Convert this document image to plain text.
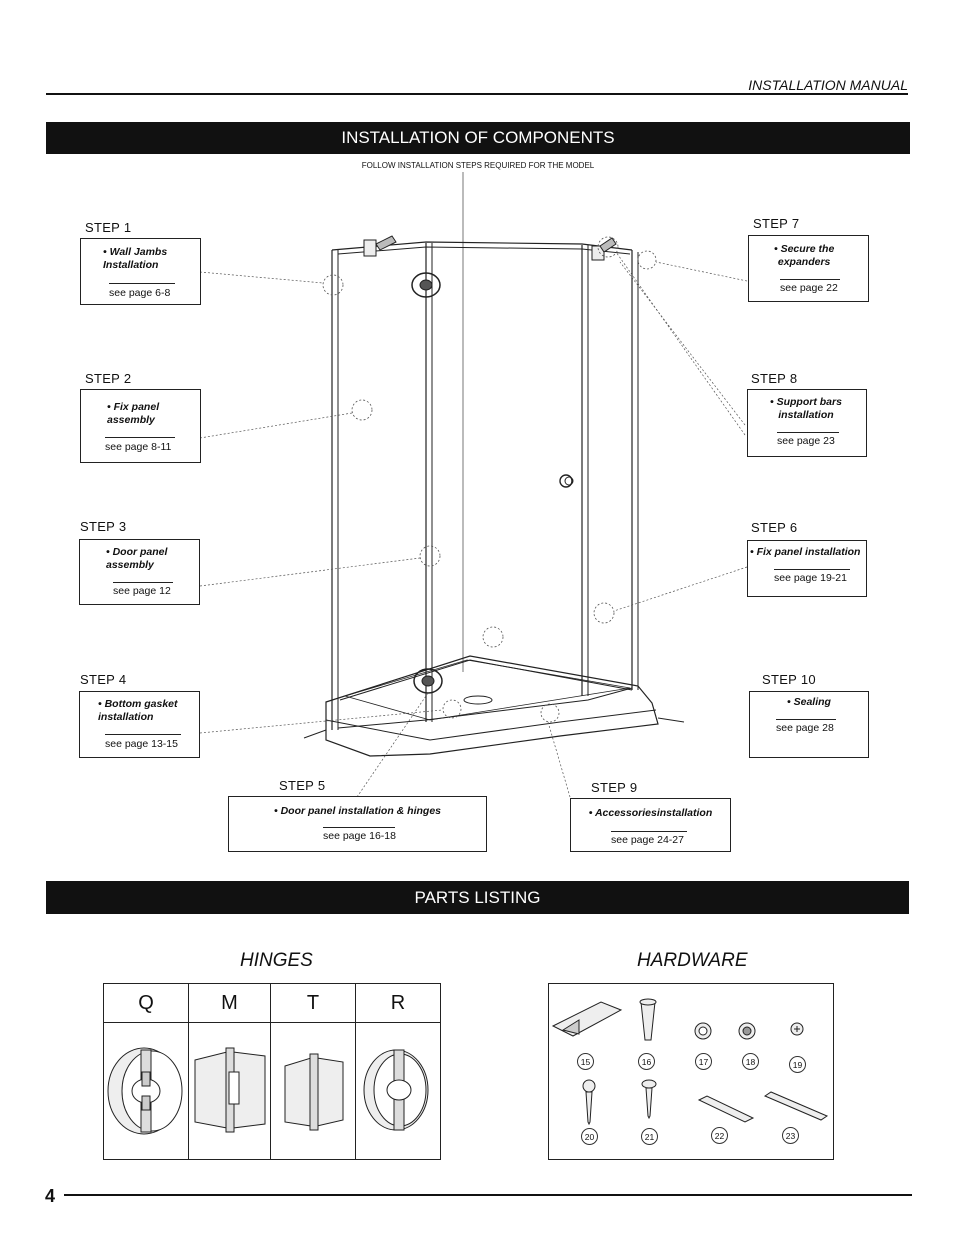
INSTALLATION MANUAL
INSTALLATION OF COMPONENTS
FOLLOW INSTALLATION STEPS REQUIRED FOR THE MODEL
STEP 1
• Wall Jambs
Installation
see page 6-8
STEP 2
• Fix panel
assembly
see page 8-11
STEP 3
• Door panel
assembly
see page 12
STEP 4
• Bottom gasket
installation
see page 13-15
STEP 5
• Door panel installation & hinges
see page 16-18
STEP 6
• Fix panel installation
see page 19-21
STEP 7
• Secure the
expanders
see page 22
STEP 8
• Support bars
installation
see page 23
STEP 9
• Accessoriesinstallation
see page 24-27
STEP 10
• Sealing
see page 28
PARTS LISTING
HINGES
Q	M	T	R
HARDWARE
15	16	17	18	19
20	21	22	23
4
